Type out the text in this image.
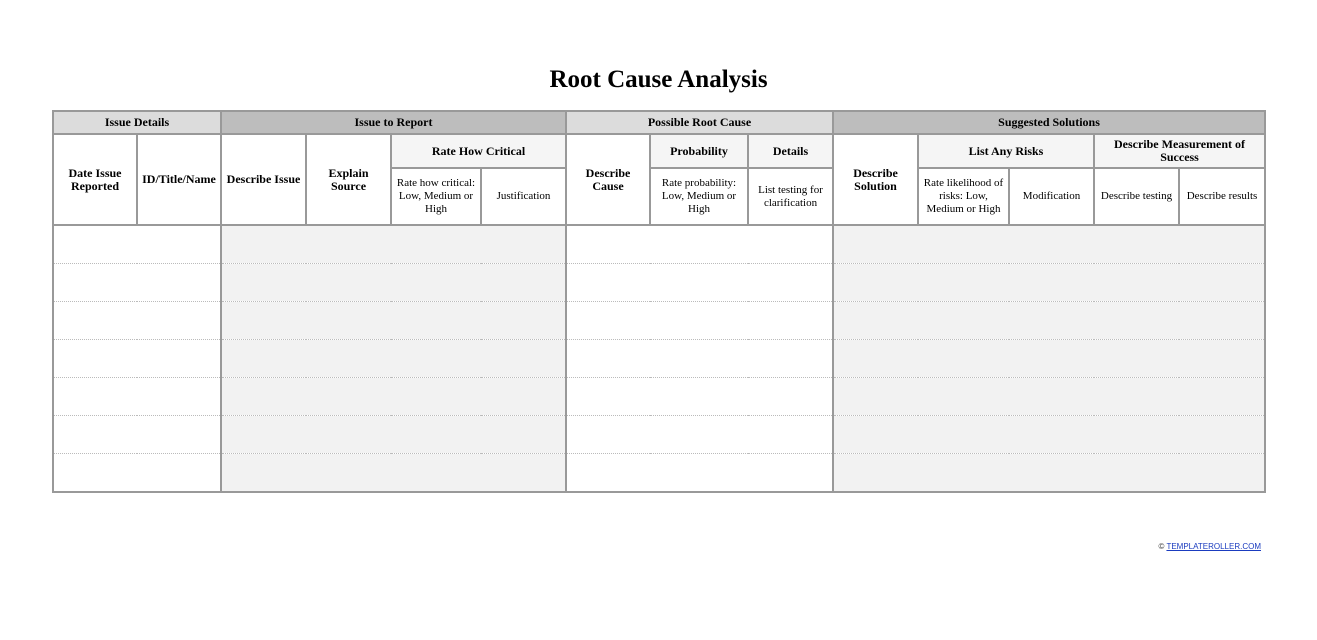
Root Cause Analysis
Issue Details		Issue to Report				Possible Root Cause			Suggested Solutions				
Date Issue Reported	ID/Title/Name	Describe Issue	Explain Source	Rate How Critical		Describe Cause	Probability	Details	Describe Solution	List Any Risks		Describe Measurement of Success	
				Rate how critical: Low, Medium or High	Justification		Rate probability: Low, Medium or High	List testing for clarification		Rate likelihood of risks: Low, Medium or High	Modification	Describe testing	Describe results

© TEMPLATEROLLER.COM
